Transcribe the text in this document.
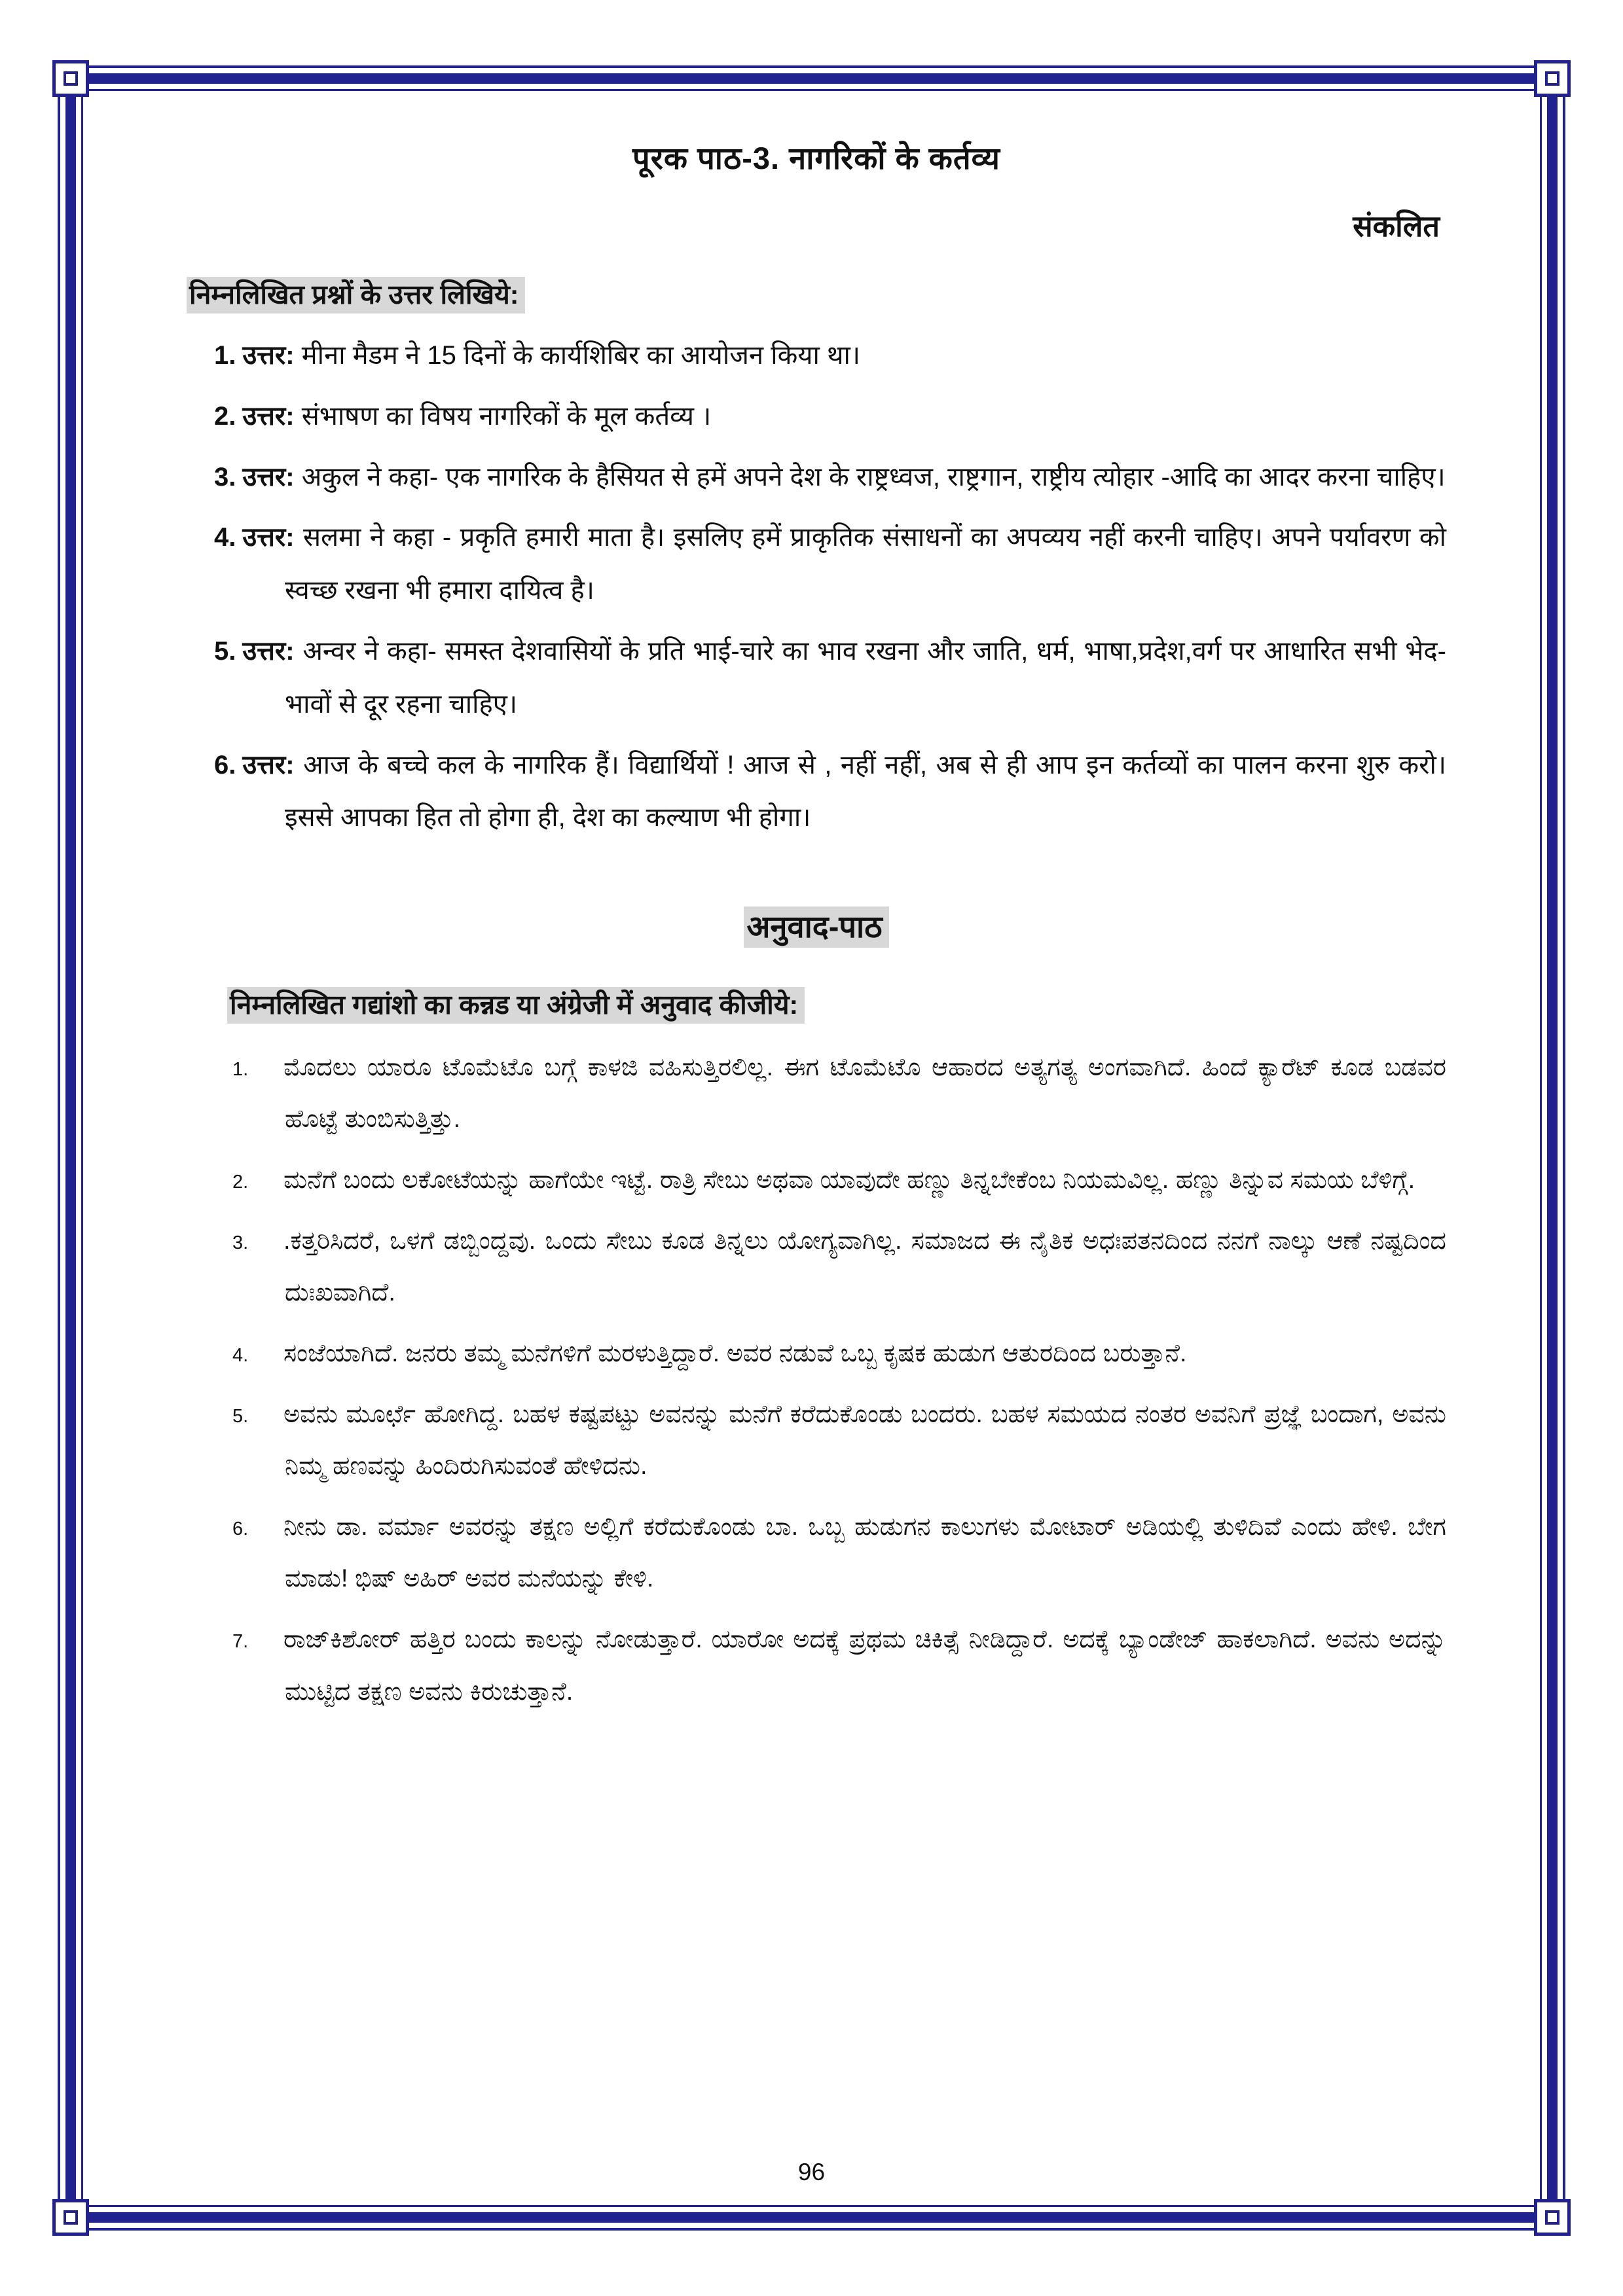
पूरक पाठ-3. नागरिकों के कर्तव्य
संकलित
निम्नलिखित प्रश्नों के उत्तर लिखिये:
1. उत्तर: मीना मैडम ने 15 दिनों के कार्यशिबिर का आयोजन किया था।
2. उत्तर: संभाषण का विषय नागरिकों के मूल कर्तव्य ।
3. उत्तर: अकुल ने कहा- एक नागरिक के हैसियत से हमें अपने देश के राष्ट्रध्वज, राष्ट्रगान, राष्ट्रीय त्योहार -आदि का आदर करना चाहिए।
4. उत्तर: सलमा ने कहा - प्रकृति हमारी माता है। इसलिए हमें प्राकृतिक संसाधनों का अपव्यय नहीं करनी चाहिए। अपने पर्यावरण को स्वच्छ रखना भी हमारा दायित्व है।
5. उत्तर: अन्वर ने कहा- समस्त देशवासियों के प्रति भाई-चारे का भाव रखना और जाति, धर्म, भाषा,प्रदेश,वर्ग पर आधारित सभी भेद-भावों से दूर रहना चाहिए।
6. उत्तर: आज के बच्चे कल के नागरिक हैं। विद्यार्थियों ! आज से , नहीं नहीं, अब से ही आप इन कर्तव्यों का पालन करना शुरु करो। इससे आपका हित तो होगा ही, देश का कल्याण भी होगा।
अनुवाद-पाठ
निम्नलिखित गद्यांशो का कन्नड या अंग्रेजी में अनुवाद कीजीये:
1. ಮೊದಲು ಯಾರೂ ಟೊಮೆಟೊ ಬಗ್ಗೆ ಕಾಳಜಿ ವಹಿಸುತ್ತಿರಲಿಲ್ಲ. ಈಗ ಟೊಮೆಟೊ ಆಹಾರದ ಅತ್ಯಗತ್ಯ ಅಂಗವಾಗಿದೆ. ಹಿಂದೆ ಕ್ಯಾರೆಟ್ ಕೂಡ ಬಡವರ ಹೊಟ್ಟೆ ತುಂಬಿಸುತ್ತಿತ್ತು.
2. ಮನೆಗೆ ಬಂದು ಲಕೋಟೆಯನ್ನು ಹಾಗೆಯೇ ಇಟ್ಟೆ. ರಾತ್ರಿ ಸೇಬು ಅಥವಾ ಯಾವುದೇ ಹಣ್ಣು ತಿನ್ನಬೇಕೆಂಬ ನಿಯಮವಿಲ್ಲ. ಹಣ್ಣು ತಿನ್ನುವ ಸಮಯ ಬೆಳಿಗ್ಗೆ.
3. .ಕತ್ತರಿಸಿದರೆ, ಒಳಗೆ ಡಬ್ಬಿಂದ್ದವು. ಒಂದು ಸೇಬು ಕೂಡ ತಿನ್ನಲು ಯೋಗ್ಯವಾಗಿಲ್ಲ. ಸಮಾಜದ ಈ ನೈತಿಕ ಅಧಃಪತನದಿಂದ ನನಗೆ ನಾಲ್ಕು ಆಣೆ ನಷ್ಟದಿಂದ ದುಃಖವಾಗಿದೆ.
4. ಸಂಜೆಯಾಗಿದೆ. ಜನರು ತಮ್ಮ ಮನೆಗಳಿಗೆ ಮರಳುತ್ತಿದ್ದಾರೆ. ಅವರ ನಡುವೆ ಒಬ್ಬ ಕೃಷಕ ಹುಡುಗ ಆತುರದಿಂದ ಬರುತ್ತಾನೆ.
5. ಅವನು ಮೂರ್ಛೆ ಹೋಗಿದ್ದ. ಬಹಳ ಕಷ್ಟಪಟ್ಟು ಅವನನ್ನು ಮನೆಗೆ ಕರೆದುಕೊಂಡು ಬಂದರು. ಬಹಳ ಸಮಯದ ನಂತರ ಅವನಿಗೆ ಪ್ರಜ್ಞೆ ಬಂದಾಗ, ಅವನು ನಿಮ್ಮ ಹಣವನ್ನು ಹಿಂದಿರುಗಿಸುವಂತೆ ಹೇಳಿದನು.
6. ನೀನು ಡಾ. ವರ್ಮಾ ಅವರನ್ನು ತಕ್ಷಣ ಅಲ್ಲಿಗೆ ಕರೆದುಕೊಂಡು ಬಾ. ಒಬ್ಬ ಹುಡುಗನ ಕಾಲುಗಳು ಮೋಟಾರ್ ಅಡಿಯಲ್ಲಿ ತುಳಿದಿವೆ ಎಂದು ಹೇಳಿ. ಬೇಗ ಮಾಡು! ಭಿಷ್ ಅಹಿರ್ ಅವರ ಮನೆಯನ್ನು ಕೇಳಿ.
7. ರಾಜ್‌ಕಿಶೋರ್ ಹತ್ತಿರ ಬಂದು ಕಾಲನ್ನು ನೋಡುತ್ತಾರೆ. ಯಾರೋ ಅದಕ್ಕೆ ಪ್ರಥಮ ಚಿಕಿತ್ಸೆ ನೀಡಿದ್ದಾರೆ. ಅದಕ್ಕೆ ಬ್ಯಾಂಡೇಜ್ ಹಾಕಲಾಗಿದೆ. ಅವನು ಅದನ್ನು ಮುಟ್ಟಿದ ತಕ್ಷಣ ಅವನು ಕಿರುಚುತ್ತಾನೆ.
96
